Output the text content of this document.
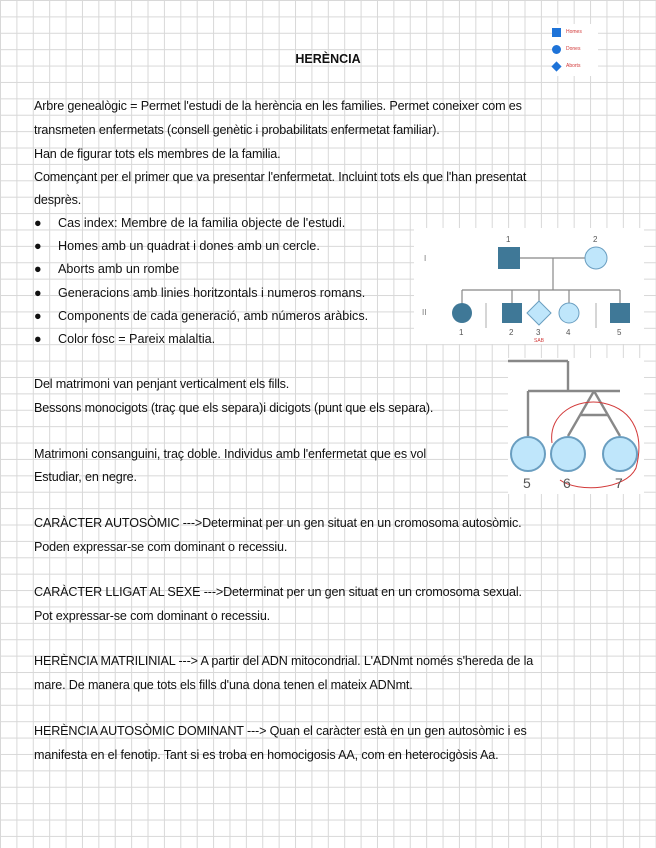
Homes
Dones
Aborts
HERÈNCIA
Arbre genealògic = Permet l'estudi de la herència en les families. Permet coneixer com es
transmeten enfermetats (consell genètic i probabilitats enfermetat familiar).
Han de figurar tots els membres de la familia.
Començant per el primer que va presentar l'enfermetat. Incluint tots els que l'han presentat
desprès.
● Cas index: Membre de la familia objecte de l'estudi.
● Homes amb un quadrat i dones amb un cercle.
● Aborts amb un rombe
● Generacions amb linies horitzontals i numeros romans.
● Components de cada generació, amb números aràbics.
● Color fosc = Pareix malaltia.
Del matrimoni van penjant verticalment els fills.
Bessons monocigots (traç que els separa)i dicigots (punt que els separa).
Matrimoni consanguini, traç doble. Individus amb l'enfermetat que es vol
Estudiar, en negre.
CARÀCTER AUTOSÒMIC --->Determinat per un gen situat en un cromosoma autosòmic.
Poden expressar-se com dominant o recessiu.
CARÀCTER LLIGAT AL SEXE --->Determinat per un gen situat en un cromosoma sexual.
Pot expressar-se com dominant o recessiu.
HERÈNCIA MATRILINIAL ---> A partir del ADN mitocondrial. L'ADNmt només s'hereda de la
mare. De manera que tots els fills d'una dona tenen el mateix ADNmt.
HERÈNCIA AUTOSÒMIC DOMINANT ---> Quan el caràcter està en un gen autosòmic i es
manifesta en el fenotip. Tant si es troba en homocigosis AA, com en heterocigòsis Aa.
I
II
1	2
1	2	3	4	5
SAB
5 6	7
